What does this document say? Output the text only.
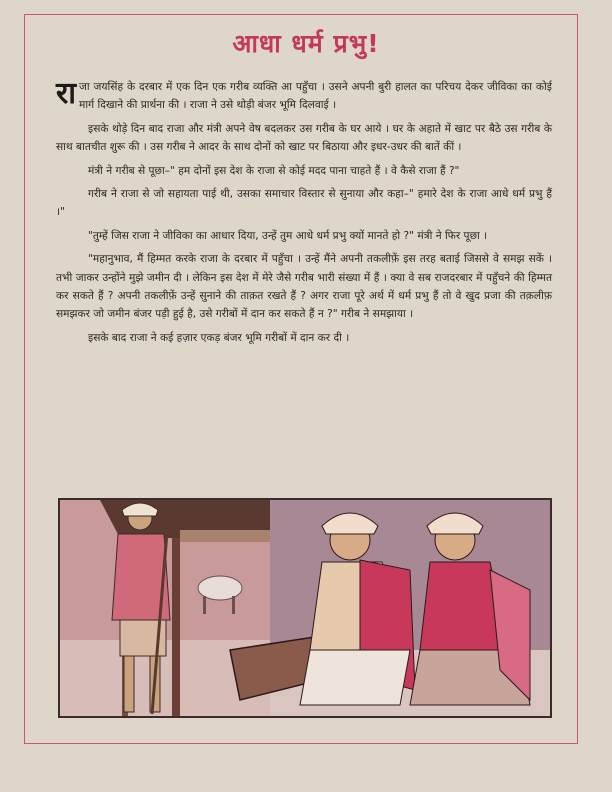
आधा धर्म प्रभु!

राजा जयसिंह के दरबार में एक दिन एक गरीब व्यक्ति आ पहुँचा । उसने अपनी बुरी हालत का परिचय देकर जीविका का कोई मार्ग दिखाने की प्रार्थना की । राजा ने उसे थोड़ी बंजर भूमि दिलवाई ।

इसके थोड़े दिन बाद राजा और मंत्री अपने वेष बदलकर उस गरीब के घर आये । घर के अहाते में खाट पर बैठे उस गरीब के साथ बातचीत शुरू की । उस गरीब ने आदर के साथ दोनों को खाट पर बिठाया और इधर-उधर की बातें कीं ।

मंत्री ने गरीब से पूछा–" हम दोनों इस देश के राजा से कोई मदद पाना चाहते हैं । वे कैसे राजा हैं ?"

गरीब ने राजा से जो सहायता पाई थी, उसका समाचार विस्तार से सुनाया और कहा–" हमारे देश के राजा आधे धर्म प्रभु हैं ।"

"तुम्हें जिस राजा ने जीविका का आधार दिया, उन्हें तुम आधे धर्म प्रभु क्यों मानते हो ?" मंत्री ने फिर पूछा ।

"महानुभाव, मैं हिम्मत करके राजा के दरबार में पहुँचा । उन्हें मैंने अपनी तकलीफ़ें इस तरह बताई जिससे वे समझ सकें । तभी जाकर उन्होंने मुझे जमीन दी । लेकिन इस देश में मेरे जैसे गरीब भारी संख्या में हैं । क्या वे सब राजदरबार में पहुँचने की हिम्मत कर सकते हैं ? अपनी तकलीफ़ें उन्हें सुनाने की ताक़त रखते हैं ? अगर राजा पूरे अर्थ में धर्म प्रभु हैं तो वे खुद प्रजा की तक़लीफ़ समझकर जो जमीन बंजर पड़ी हुई है, उसे गरीबों में दान कर सकते हैं न ?" गरीब ने समझाया ।

इसके बाद राजा ने कई हज़ार एकड़ बंजर भूमि गरीबों में दान कर दी ।
